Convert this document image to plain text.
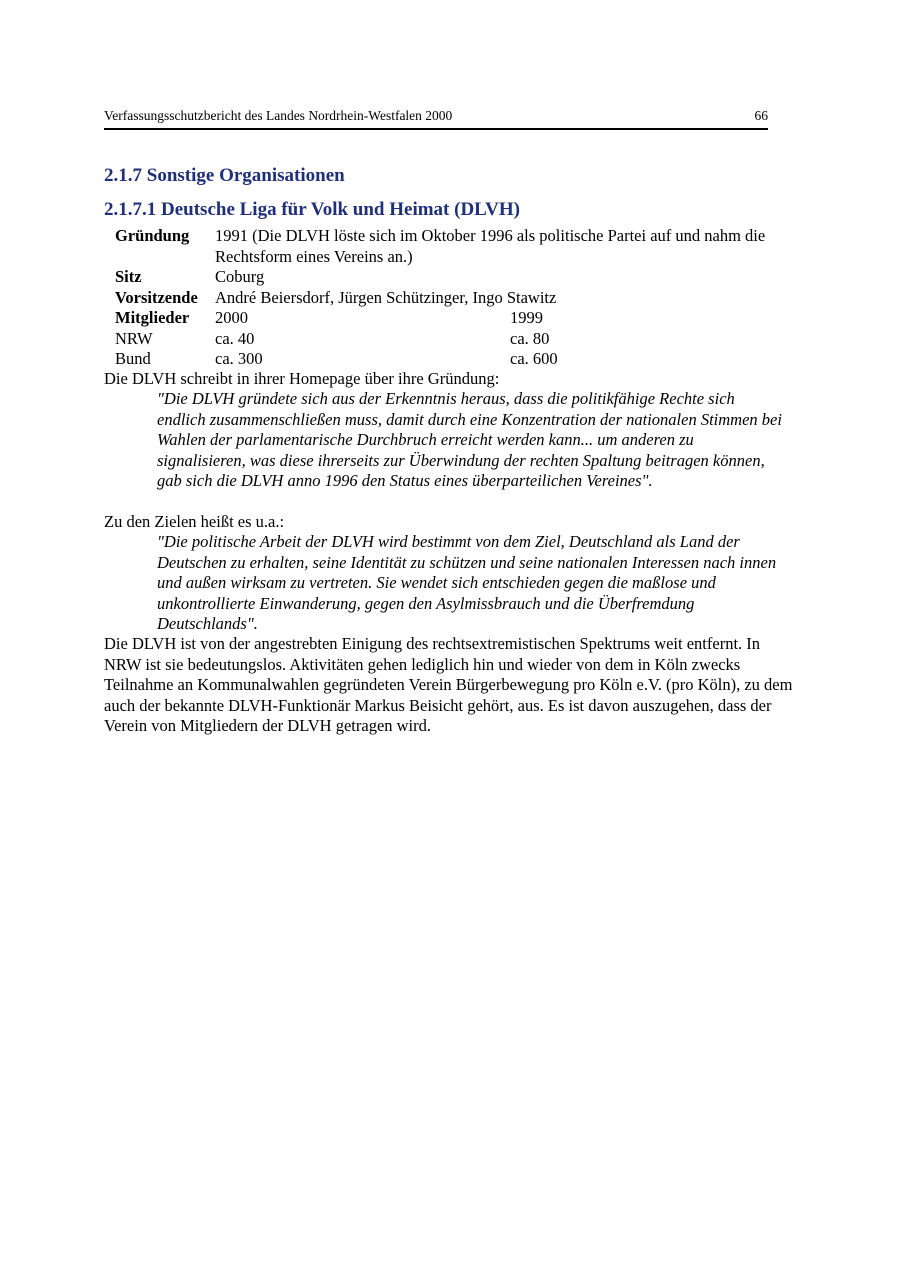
Verfassungsschutzbericht des Landes Nordrhein-Westfalen 2000	66
2.1.7 Sonstige Organisationen
2.1.7.1 Deutsche Liga für Volk und Heimat (DLVH)
Gründung 1991 (Die DLVH löste sich im Oktober 1996 als politische Partei auf und nahm die Rechtsform eines Vereins an.)
Sitz	Coburg
Vorsitzende André Beiersdorf, Jürgen Schützinger, Ingo Stawitz
Mitglieder 2000	1999
NRW	ca. 40	ca. 80
Bund	ca. 300	ca. 600

Die DLVH schreibt in ihrer Homepage über ihre Gründung:

"Die DLVH gründete sich aus der Erkenntnis heraus, dass die politikfähige Rechte sich endlich zusammenschließen muss, damit durch eine Konzentration der nationalen Stimmen bei Wahlen der parlamentarische Durchbruch erreicht werden kann... um anderen zu signalisieren, was diese ihrerseits zur Überwindung der rechten Spaltung beitragen können, gab sich die DLVH anno 1996 den Status eines überparteilichen Vereines".

Zu den Zielen heißt es u.a.:

"Die politische Arbeit der DLVH wird bestimmt von dem Ziel, Deutschland als Land der Deutschen zu erhalten, seine Identität zu schützen und seine nationalen Interessen nach innen und außen wirksam zu vertreten. Sie wendet sich entschieden gegen die maßlose und unkontrollierte Einwanderung, gegen den Asylmissbrauch und die Überfremdung Deutschlands".

Die DLVH ist von der angestrebten Einigung des rechtsextremistischen Spektrums weit entfernt. In NRW ist sie bedeutungslos. Aktivitäten gehen lediglich hin und wieder von dem in Köln zwecks Teilnahme an Kommunalwahlen gegründeten Verein Bürgerbewegung pro Köln e.V. (pro Köln), zu dem auch der bekannte DLVH-Funktionär Markus Beisicht gehört, aus. Es ist davon auszugehen, dass der Verein von Mitgliedern der DLVH getragen wird.
